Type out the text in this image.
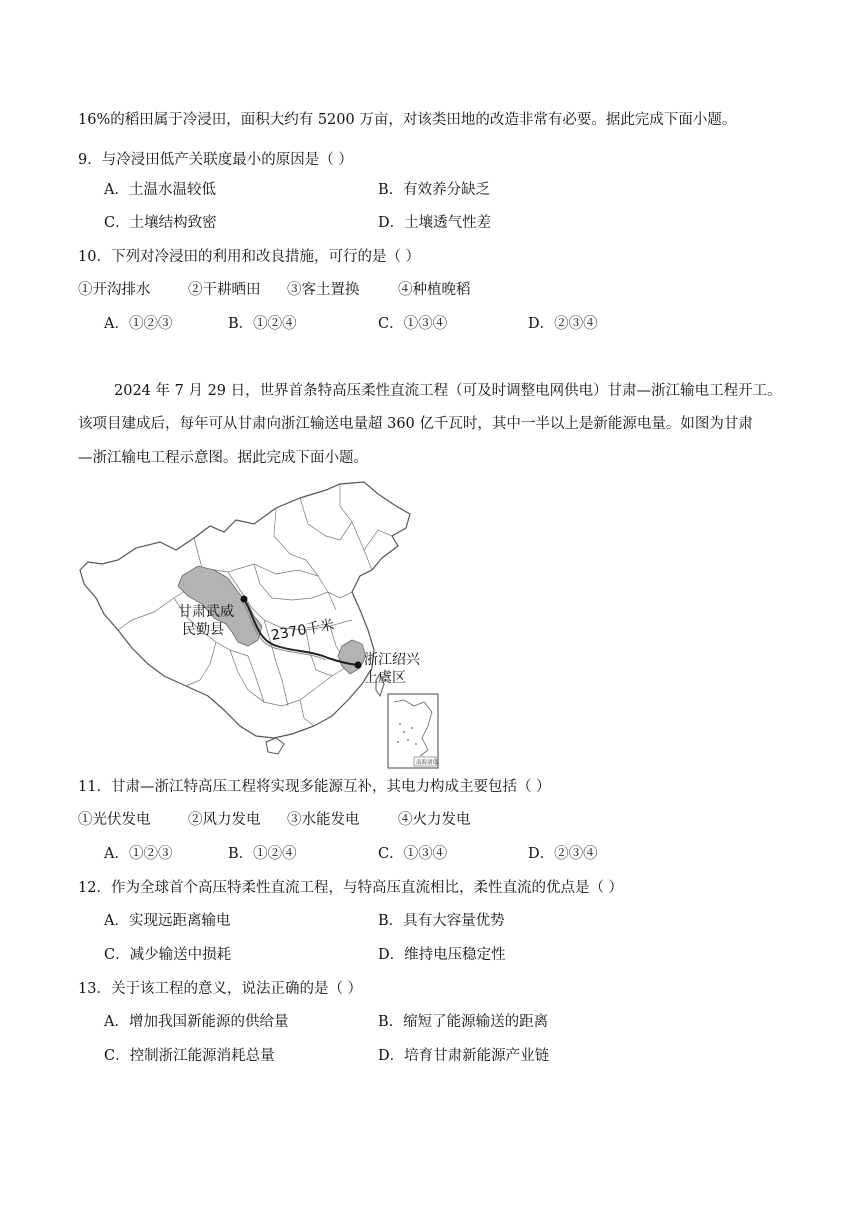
16%的稻田属于冷浸田，面积大约有 5200 万亩，对该类田地的改造非常有必要。据此完成下面小题。
9．与冷浸田低产关联度最小的原因是（ ）
A．土温水温较低	B．有效养分缺乏
C．土壤结构致密	D．土壤透气性差
10．下列对冷浸田的利用和改良措施，可行的是（ ）
①开沟排水	②干耕晒田 ③客土置换	④种植晚稻
A．①②③	B．①②④	C．①③④	D．②③④
2024 年 7 月 29 日，世界首条特高压柔性直流工程（可及时调整电网供电）甘肃—浙江输电工程开工。
该项目建成后，每年可从甘肃向浙江输送电量超 360 亿千瓦时，其中一半以上是新能源电量。如图为甘肃
—浙江输电工程示意图。据此完成下面小题。
甘肃武威
民勤县	2370千米
浙江绍兴
上虞区
南海诸岛
11．甘肃—浙江特高压工程将实现多能源互补，其电力构成主要包括（ ）
①光伏发电	②风力发电 ③水能发电	④火力发电
A．①②③	B．①②④	C．①③④	D．②③④
12．作为全球首个高压特柔性直流工程，与特高压直流相比，柔性直流的优点是（ ）
A．实现远距离输电	B．具有大容量优势
C．减少输送中损耗	D．维持电压稳定性
13．关于该工程的意义，说法正确的是（ ）
A．增加我国新能源的供给量	B．缩短了能源输送的距离
C．控制浙江能源消耗总量	D．培育甘肃新能源产业链
